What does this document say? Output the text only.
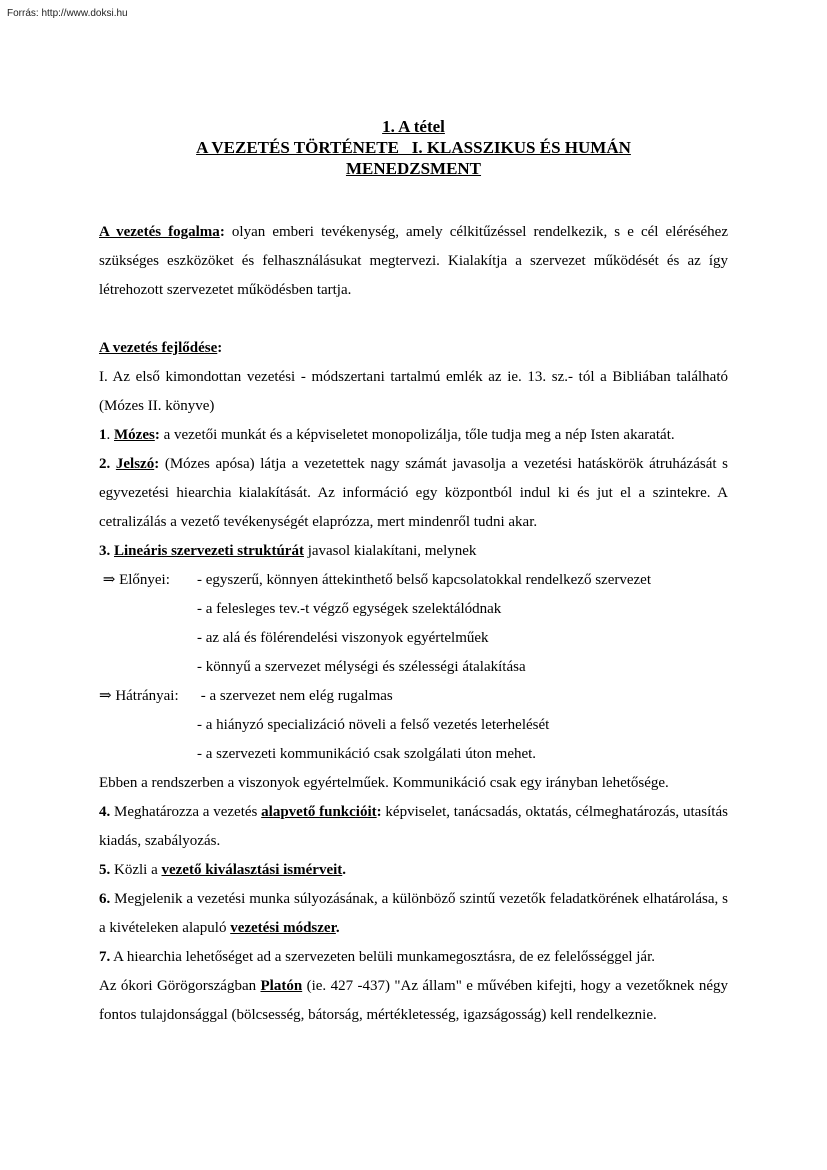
Forrás: http://www.doksi.hu
1. A tétel
A VEZETÉS TÖRTÉNETE   I. KLASSZIKUS ÉS HUMÁN
MENEDZSMENT

A vezetés fogalma: olyan emberi tevékenység, amely célkitűzéssel rendelkezik, s e cél eléréséhez szükséges eszközöket és felhasználásukat megtervezi. Kialakítja a szervezet működését és az így létrehozott szervezetet működésben tartja.

A vezetés fejlődése:

I. Az első kimondottan vezetési - módszertani tartalmú emlék az ie. 13. sz.- tól a Bibliában található (Mózes II. könyve)

1. Mózes: a vezetői munkát és a képviseletet monopolizálja, tőle tudja meg a nép Isten akaratát.

2. Jelszó: (Mózes apósa) látja a vezetettek nagy számát javasolja a vezetési hatáskörök átruházását s egyvezetési hiearchia kialakítását. Az információ egy központból indul ki és jut el a szintekre. A cetralizálás a vezető tevékenységét elaprózza, mert mindenről tudni akar.

3. Lineáris szervezeti struktúrát javasol kialakítani, melynek

⇒ Előnyei:	- egyszerű, könnyen áttekinthető belső kapcsolatokkal rendelkező szervezet
- a felesleges tev.-t végző egységek szelektálódnak
- az alá és fölérendelési viszonyok egyértelműek
- könnyű a szervezet mélységi és szélességi átalakítása
⇒ Hátrányai:	- a szervezet nem elég rugalmas
- a hiányzó specializáció növeli a felső vezetés leterhelését
- a szervezeti kommunikáció csak szolgálati úton mehet.

Ebben a rendszerben a viszonyok egyértelműek. Kommunikáció csak egy irányban lehetősége.

4. Meghatározza a vezetés alapvető funkcióit: képviselet, tanácsadás, oktatás, célmeghatározás, utasítás kiadás, szabályozás.

5. Közli a vezető kiválasztási ismérveit.

6. Megjelenik a vezetési munka súlyozásának, a különböző szintű vezetők feladatkörének elhatárolása, s a kivételeken alapuló vezetési módszer.

7. A hiearchia lehetőséget ad a szervezeten belüli munkamegosztásra, de ez felelősséggel jár.

Az ókori Görögországban Platón (ie. 427 -437) "Az állam" e művében kifejti, hogy a vezetőknek négy fontos tulajdonsággal (bölcsesség, bátorság, mértékletesség, igazságosság) kell rendelkeznie.
